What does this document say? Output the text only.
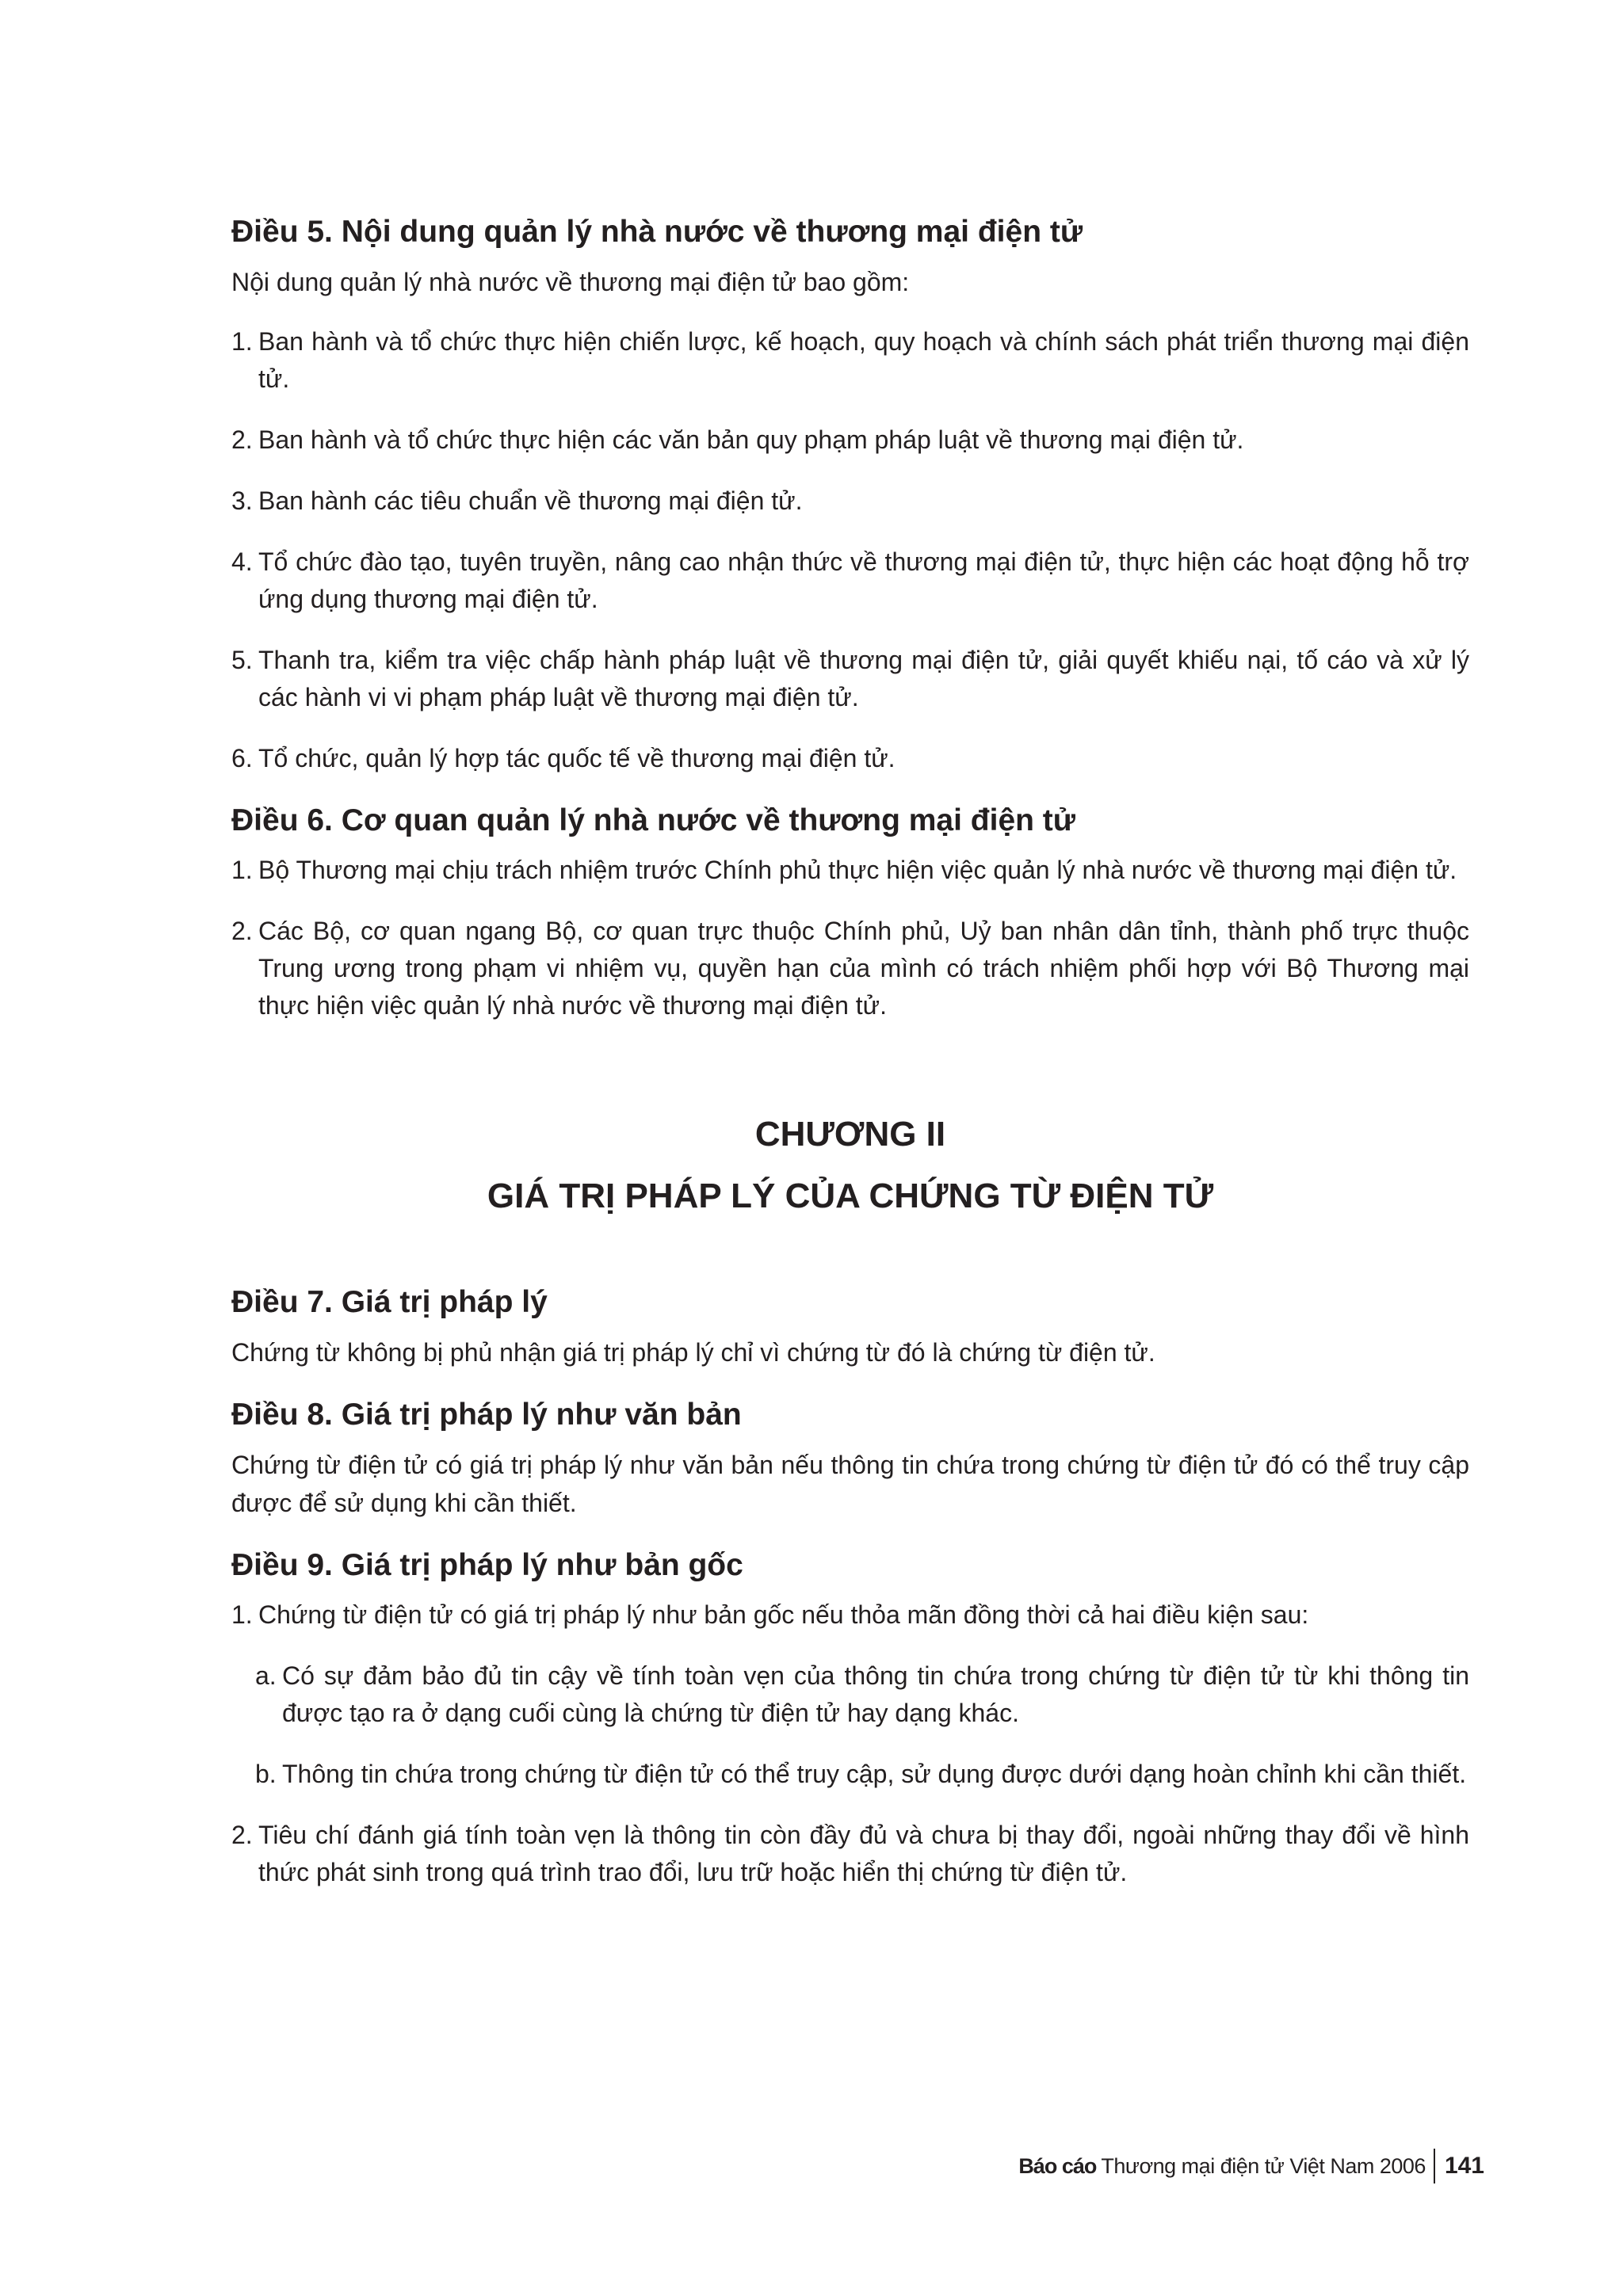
Điều 5. Nội dung quản lý nhà nước về thương mại điện tử

Nội dung quản lý nhà nước về thương mại điện tử bao gồm:

1. Ban hành và tổ chức thực hiện chiến lược, kế hoạch, quy hoạch và chính sách phát triển thương mại điện tử.
2. Ban hành và tổ chức thực hiện các văn bản quy phạm pháp luật về thương mại điện tử.
3. Ban hành các tiêu chuẩn về thương mại điện tử.
4. Tổ chức đào tạo, tuyên truyền, nâng cao nhận thức về thương mại điện tử, thực hiện các hoạt động hỗ trợ ứng dụng thương mại điện tử.
5. Thanh tra, kiểm tra việc chấp hành pháp luật về thương mại điện tử, giải quyết khiếu nại, tố cáo và xử lý các hành vi vi phạm pháp luật về thương mại điện tử.
6. Tổ chức, quản lý hợp tác quốc tế về thương mại điện tử.
Điều 6. Cơ quan quản lý nhà nước về thương mại điện tử
1. Bộ Thương mại chịu trách nhiệm trước Chính phủ thực hiện việc quản lý nhà nước về thương mại điện tử.
2. Các Bộ, cơ quan ngang Bộ, cơ quan trực thuộc Chính phủ, Uỷ ban nhân dân tỉnh, thành phố trực thuộc Trung ương trong phạm vi nhiệm vụ, quyền hạn của mình có trách nhiệm phối hợp với Bộ Thương mại thực hiện việc quản lý nhà nước về thương mại điện tử.
CHƯƠNG II
GIÁ TRỊ PHÁP LÝ CỦA CHỨNG TỪ ĐIỆN TỬ
Điều 7. Giá trị pháp lý

Chứng từ không bị phủ nhận giá trị pháp lý chỉ vì chứng từ đó là chứng từ điện tử.

Điều 8. Giá trị pháp lý như văn bản

Chứng từ điện tử có giá trị pháp lý như văn bản nếu thông tin chứa trong chứng từ điện tử đó có thể truy cập được để sử dụng khi cần thiết.

Điều 9. Giá trị pháp lý như bản gốc
1. Chứng từ điện tử có giá trị pháp lý như bản gốc nếu thỏa mãn đồng thời cả hai điều kiện sau:
a. Có sự đảm bảo đủ tin cậy về tính toàn vẹn của thông tin chứa trong chứng từ điện tử từ khi thông tin được tạo ra ở dạng cuối cùng là chứng từ điện tử hay dạng khác.
b. Thông tin chứa trong chứng từ điện tử có thể truy cập, sử dụng được dưới dạng hoàn chỉnh khi cần thiết.
2. Tiêu chí đánh giá tính toàn vẹn là thông tin còn đầy đủ và chưa bị thay đổi, ngoài những thay đổi về hình thức phát sinh trong quá trình trao đổi, lưu trữ hoặc hiển thị chứng từ điện tử.
Báo cáo Thương mại điện tử Việt Nam 2006 141
